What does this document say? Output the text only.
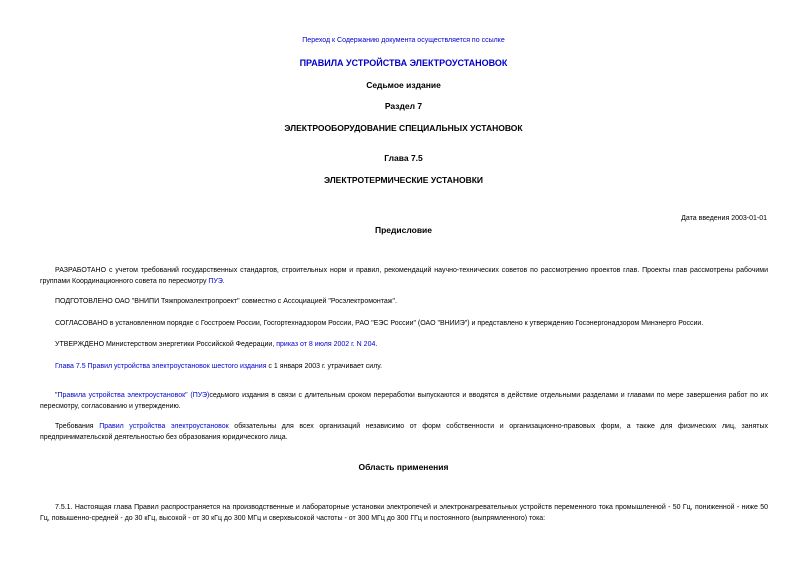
Переход к Содержанию документа осуществляется по ссылке
ПРАВИЛА УСТРОЙСТВА ЭЛЕКТРОУСТАНОВОК
Седьмое издание
Раздел 7
ЭЛЕКТРООБОРУДОВАНИЕ СПЕЦИАЛЬНЫХ УСТАНОВОК
Глава 7.5
ЭЛЕКТРОТЕРМИЧЕСКИЕ УСТАНОВКИ
Дата введения 2003-01-01
Предисловие
РАЗРАБОТАНО с учетом требований государственных стандартов, строительных норм и правил, рекомендаций научно-технических советов по рассмотрению проектов глав. Проекты глав рассмотрены рабочими группами Координационного совета по пересмотру ПУЭ.
ПОДГОТОВЛЕНО ОАО "ВНИПИ Тяжпромэлектропроект" совместно с Ассоциацией "Росэлектромонтаж".
СОГЛАСОВАНО в установленном порядке с Госстроем России, Госгортехнадзором России, РАО "ЕЭС России" (ОАО "ВНИИЭ") и представлено к утверждению Госэнергонадзором Минэнерго России.
УТВЕРЖДЕНО Министерством энергетики Российской Федерации, приказ от 8 июля 2002 г. N 204.
Глава 7.5 Правил устройства электроустановок шестого издания с 1 января 2003 г. утрачивает силу.
"Правила устройства электроустановок" (ПУЭ)седьмого издания в связи с длительным сроком переработки выпускаются и вводятся в действие отдельными разделами и главами по мере завершения работ по их пересмотру, согласованию и утверждению.
Требования Правил устройства электроустановок обязательны для всех организаций независимо от форм собственности и организационно-правовых форм, а также для физических лиц, занятых предпринимательской деятельностью без образования юридического лица.
Область применения
7.5.1. Настоящая глава Правил распространяется на производственные и лабораторные установки электропечей и электронагревательных устройств переменного тока промышленной - 50 Гц, пониженной - ниже 50 Гц, повышенно-средней - до 30 кГц, высокой - от 30 кГц до 300 МГц и сверхвысокой частоты - от 300 МГц до 300 ГГц и постоянного (выпрямленного) тока:
